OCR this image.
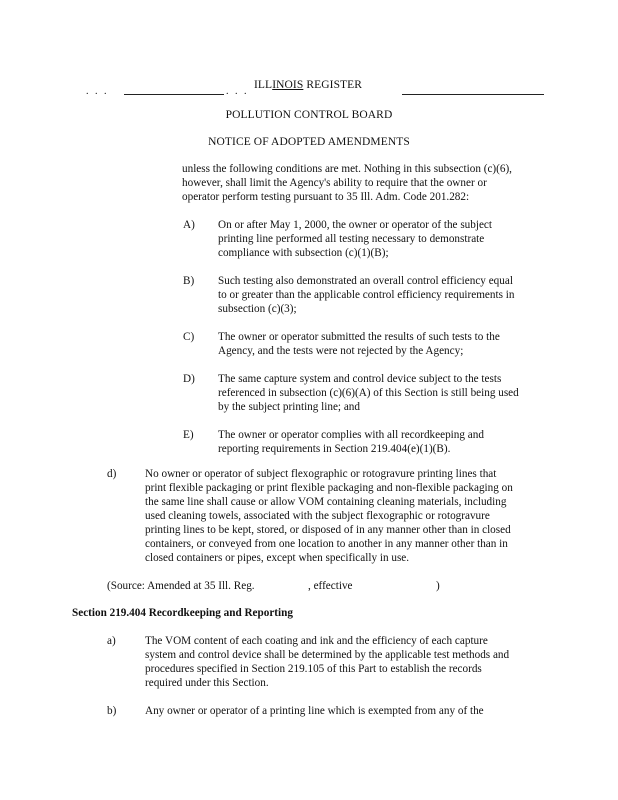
. . .	. . .
ILLINOIS REGISTER
POLLUTION CONTROL BOARD
NOTICE OF ADOPTED AMENDMENTS
unless the following conditions are met. Nothing in this subsection (c)(6),
however, shall limit the Agency's ability to require that the owner or
operator perform testing pursuant to 35 Ill. Adm. Code 201.282:
A) On or after May 1, 2000, the owner or operator of the subject
printing line performed all testing necessary to demonstrate
compliance with subsection (c)(1)(B);
B) Such testing also demonstrated an overall control efficiency equal
to or greater than the applicable control efficiency requirements in
subsection (c)(3);
C) The owner or operator submitted the results of such tests to the
Agency, and the tests were not rejected by the Agency;
D) The same capture system and control device subject to the tests
referenced in subsection (c)(6)(A) of this Section is still being used
by the subject printing line; and
E) The owner or operator complies with all recordkeeping and
reporting requirements in Section 219.404(e)(1)(B).
d)	No owner or operator of subject flexographic or rotogravure printing lines that
print flexible packaging or print flexible packaging and non-flexible packaging on
the same line shall cause or allow VOM containing cleaning materials, including
used cleaning towels, associated with the subject flexographic or rotogravure
printing lines to be kept, stored, or disposed of in any manner other than in closed
containers, or conveyed from one location to another in any manner other than in
closed containers or pipes, except when specifically in use.
(Source: Amended at 35 Ill. Reg.	, effective	)
Section 219.404 Recordkeeping and Reporting
a)	The VOM content of each coating and ink and the efficiency of each capture
system and control device shall be determined by the applicable test methods and
procedures specified in Section 219.105 of this Part to establish the records
required under this Section.
b)	Any owner or operator of a printing line which is exempted from any of the
